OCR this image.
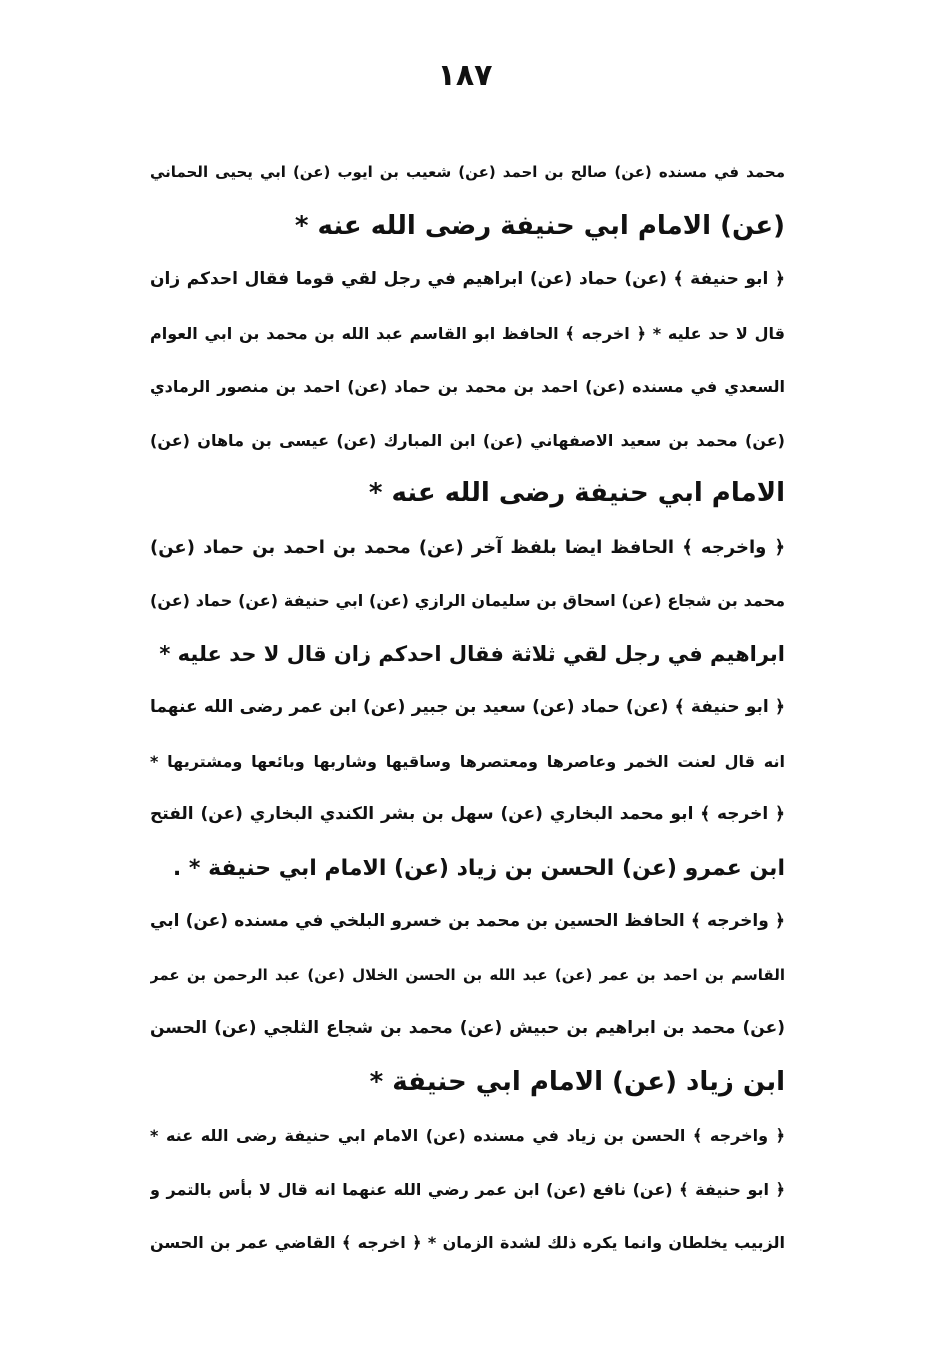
١٨٧
محمد في مسنده (عن) صالح بن احمد (عن) شعيب بن ايوب (عن) ابي يحيى الحماني
(عن) الامام ابي حنيفة رضى الله عنه *
﴿ ابو حنيفة ﴾ (عن) حماد (عن) ابراهيم في رجل لقي قوما فقال احدكم زان
قال لا حد عليه * ﴿ اخرجه ﴾ الحافظ ابو القاسم عبد الله بن محمد بن ابي العوام
السعدي في مسنده (عن) احمد بن محمد بن حماد (عن) احمد بن منصور الرمادي
(عن) محمد بن سعيد الاصفهاني (عن) ابن المبارك (عن) عيسى بن ماهان (عن)
الامام ابي حنيفة رضى الله عنه *
﴿ واخرجه ﴾ الحافظ ايضا بلفظ آخر (عن) محمد بن احمد بن حماد (عن)
محمد بن شجاع (عن) اسحاق بن سليمان الرازي (عن) ابي حنيفة (عن) حماد (عن)
ابراهيم في رجل لقي ثلاثة فقال احدكم زان قال لا حد عليه *
﴿ ابو حنيفة ﴾ (عن) حماد (عن) سعيد بن جبير (عن) ابن عمر رضى الله عنهما
انه قال لعنت الخمر وعاصرها ومعتصرها وساقيها وشاربها وبائعها ومشتريها *
﴿ اخرجه ﴾ ابو محمد البخاري (عن) سهل بن بشر الكندي البخاري (عن) الفتح
ابن عمرو (عن) الحسن بن زياد (عن) الامام ابي حنيفة * .
﴿ واخرجه ﴾ الحافظ الحسين بن محمد بن خسرو البلخي في مسنده (عن) ابي
القاسم بن احمد بن عمر (عن) عبد الله بن الحسن الخلال (عن) عبد الرحمن بن عمر
(عن) محمد بن ابراهيم بن حبيش (عن) محمد بن شجاع الثلجي (عن) الحسن
ابن زياد (عن) الامام ابي حنيفة *
﴿ واخرجه ﴾ الحسن بن زياد في مسنده (عن) الامام ابي حنيفة رضى الله عنه *
﴿ ابو حنيفة ﴾ (عن) نافع (عن) ابن عمر رضي الله عنهما انه قال لا بأس بالتمر و
الزبيب يخلطان وانما يكره ذلك لشدة الزمان * ﴿ اخرجه ﴾ القاضي عمر بن الحسن
